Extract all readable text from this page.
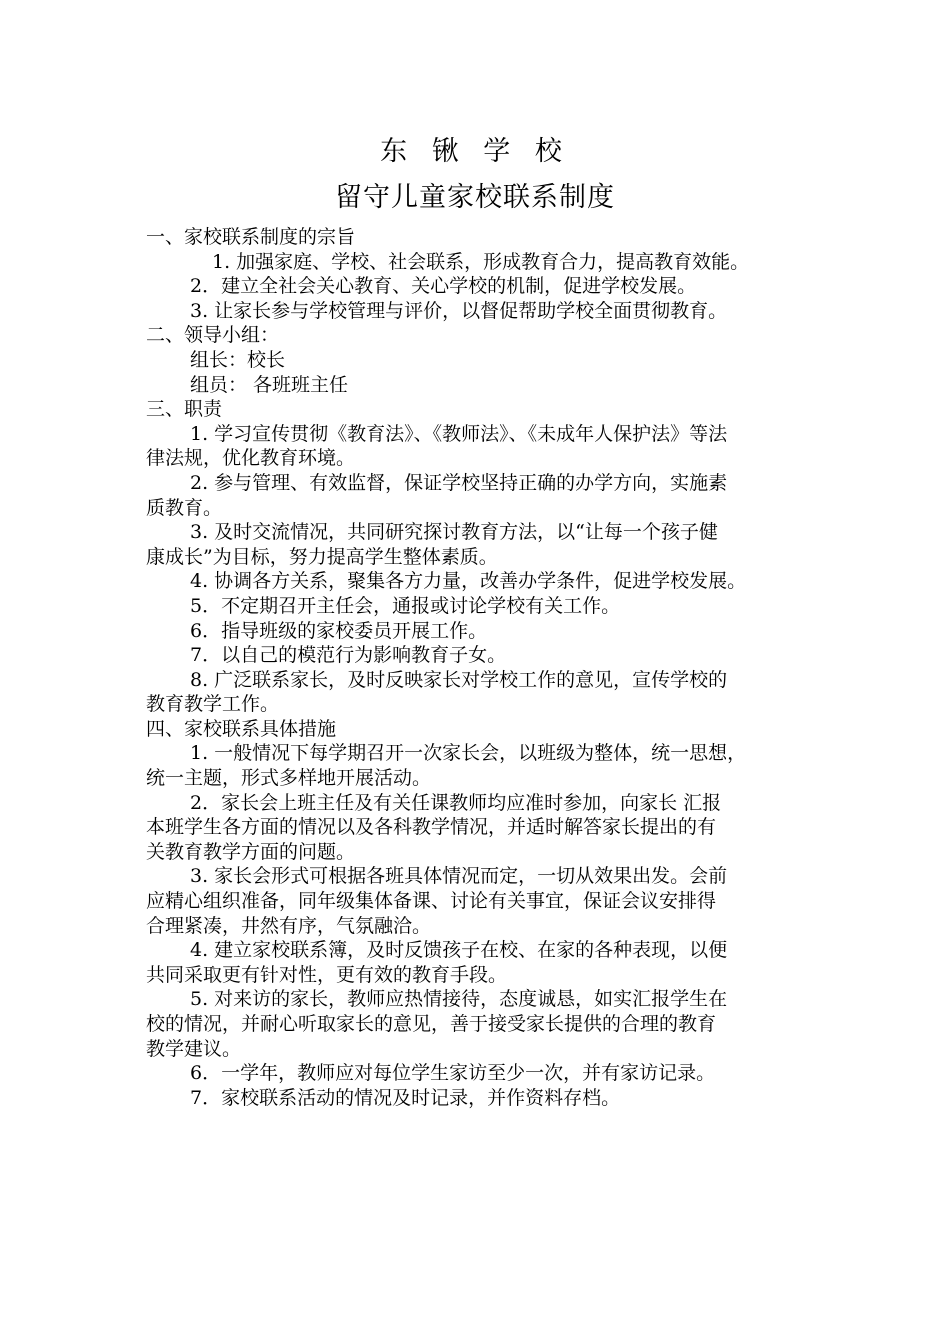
东 锹 学 校
留守儿童家校联系制度
一、家校联系制度的宗旨
1. 加强家庭、学校、社会联系，形成教育合力，提高教育效能。
2．建立全社会关心教育、关心学校的机制，促进学校发展。
3. 让家长参与学校管理与评价，以督促帮助学校全面贯彻教育。
二、领导小组：
组长：校长
组员： 各班班主任
三、职责
1. 学习宣传贯彻《教育法》、《教师法》、《未成年人保护法》等法
律法规，优化教育环境。
2. 参与管理、有效监督，保证学校坚持正确的办学方向，实施素
质教育。
3. 及时交流情况，共同研究探讨教育方法，以“让每一个孩子健
康成长”为目标，努力提高学生整体素质。
4. 协调各方关系，聚集各方力量，改善办学条件，促进学校发展。
5．不定期召开主任会，通报或讨论学校有关工作。
6．指导班级的家校委员开展工作。
7．以自己的模范行为影响教育子女。
8. 广泛联系家长，及时反映家长对学校工作的意见，宣传学校的
教育教学工作。
四、家校联系具体措施
1. 一般情况下每学期召开一次家长会，以班级为整体，统一思想，
统一主题，形式多样地开展活动。
2．家长会上班主任及有关任课教师均应准时参加，向家长 汇报
本班学生各方面的情况以及各科教学情况，并适时解答家长提出的有
关教育教学方面的问题。
3. 家长会形式可根据各班具体情况而定，一切从效果出发。会前
应精心组织准备，同年级集体备课、讨论有关事宜，保证会议安排得
合理紧凑，井然有序，气氛融洽。
4. 建立家校联系簿，及时反馈孩子在校、在家的各种表现，以便
共同采取更有针对性，更有效的教育手段。
5. 对来访的家长，教师应热情接待，态度诚恳，如实汇报学生在
校的情况，并耐心听取家长的意见，善于接受家长提供的合理的教育
教学建议。
6．一学年，教师应对每位学生家访至少一次，并有家访记录。
7．家校联系活动的情况及时记录，并作资料存档。
